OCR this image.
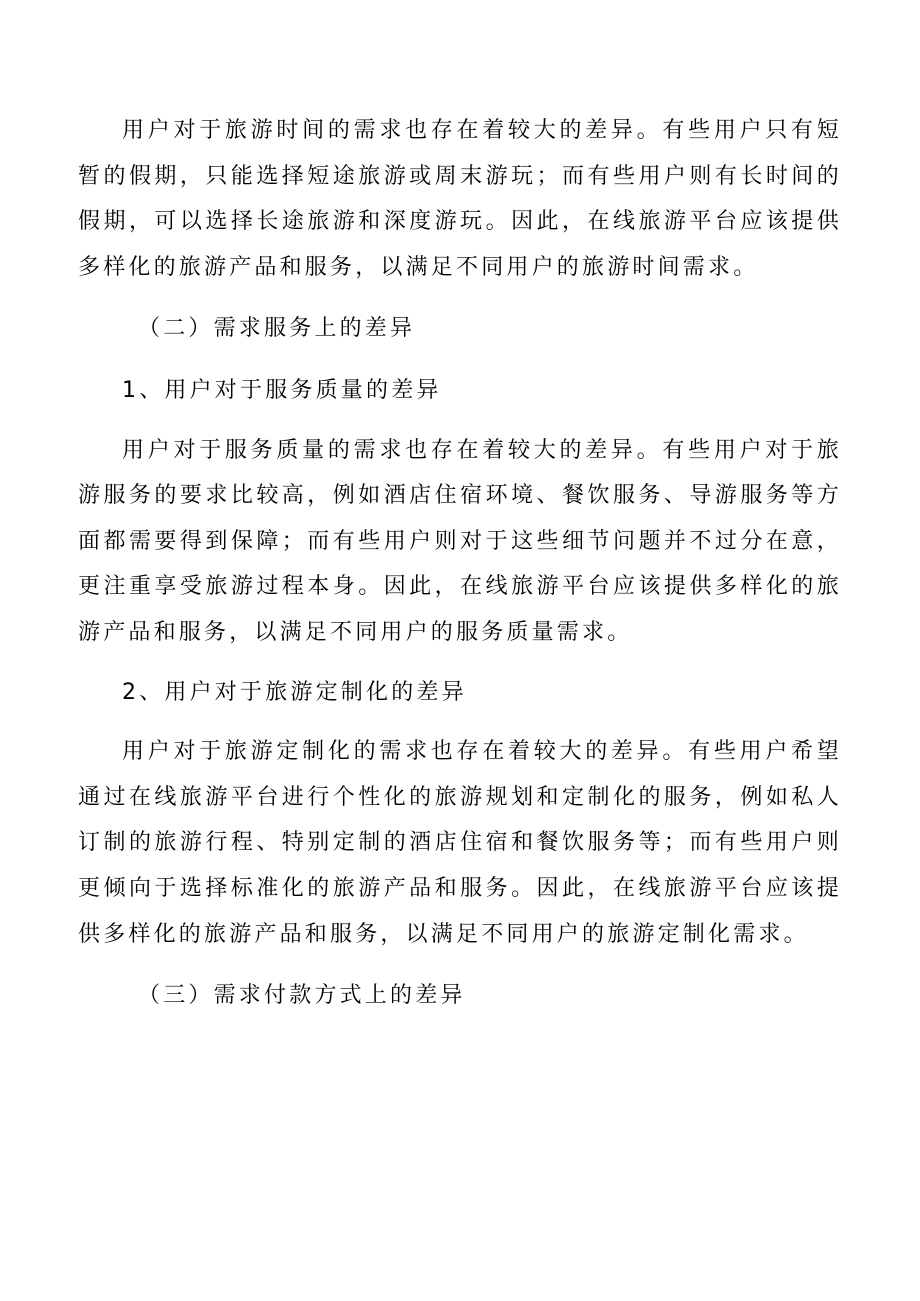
用户对于旅游时间的需求也存在着较大的差异。有些用户只有短暂的假期，只能选择短途旅游或周末游玩；而有些用户则有长时间的假期，可以选择长途旅游和深度游玩。因此，在线旅游平台应该提供多样化的旅游产品和服务，以满足不同用户的旅游时间需求。

（二）需求服务上的差异

1、用户对于服务质量的差异

用户对于服务质量的需求也存在着较大的差异。有些用户对于旅游服务的要求比较高，例如酒店住宿环境、餐饮服务、导游服务等方面都需要得到保障；而有些用户则对于这些细节问题并不过分在意，更注重享受旅游过程本身。因此，在线旅游平台应该提供多样化的旅游产品和服务，以满足不同用户的服务质量需求。

2、用户对于旅游定制化的差异

用户对于旅游定制化的需求也存在着较大的差异。有些用户希望通过在线旅游平台进行个性化的旅游规划和定制化的服务，例如私人订制的旅游行程、特别定制的酒店住宿和餐饮服务等；而有些用户则更倾向于选择标准化的旅游产品和服务。因此，在线旅游平台应该提供多样化的旅游产品和服务，以满足不同用户的旅游定制化需求。

（三）需求付款方式上的差异
